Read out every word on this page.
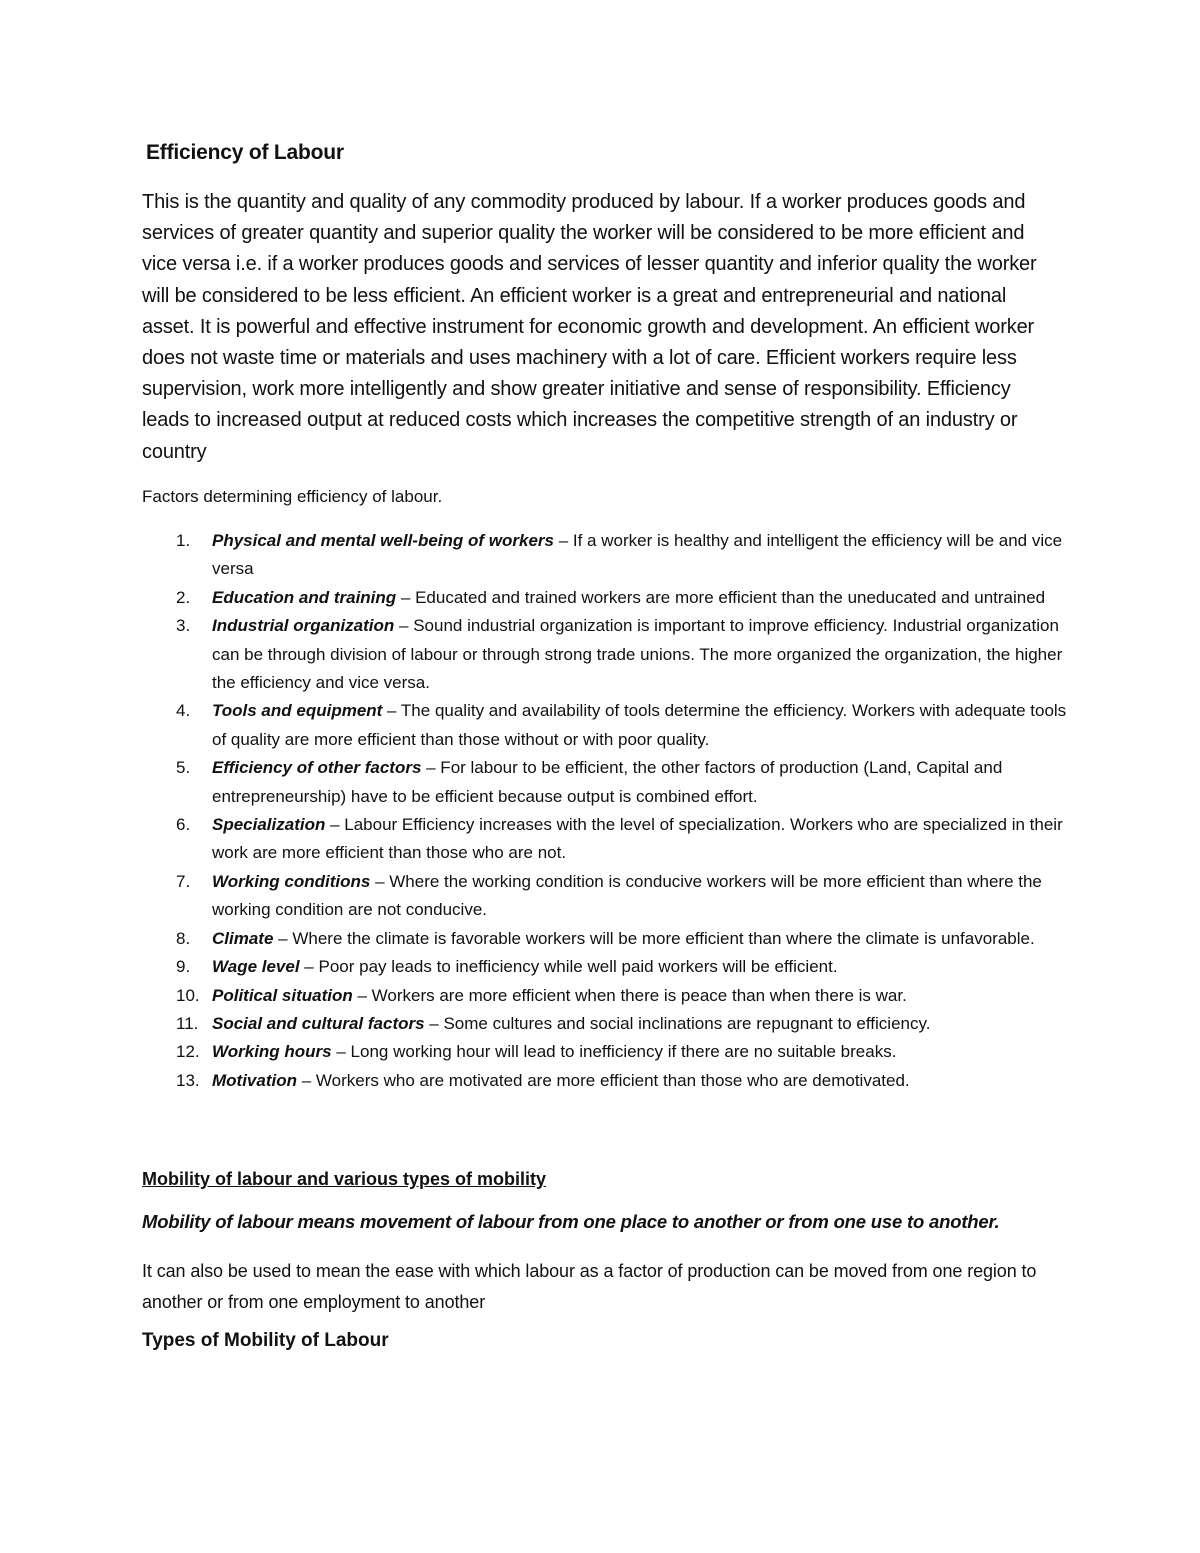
Efficiency of Labour
This is the quantity and quality of any commodity produced by labour. If a worker produces goods and services of greater quantity and superior quality the worker will be considered to be more efficient and vice versa i.e. if a worker produces goods and services of lesser quantity and inferior quality the worker will be considered to be less efficient. An efficient worker is a great and entrepreneurial and national asset. It is powerful and effective instrument for economic growth and development. An efficient worker does not waste time or materials and uses machinery with a lot of care. Efficient workers require less supervision, work more intelligently and show greater initiative and sense of responsibility. Efficiency leads to increased output at reduced costs which increases the competitive strength of an industry or country
Factors determining efficiency of labour.
1. Physical and mental well-being of workers – If a worker is healthy and intelligent the efficiency will be and vice versa
2. Education and training – Educated and trained workers are more efficient than the uneducated and untrained
3. Industrial organization – Sound industrial organization is important to improve efficiency. Industrial organization can be through division of labour or through strong trade unions. The more organized the organization, the higher the efficiency and vice versa.
4. Tools and equipment – The quality and availability of tools determine the efficiency. Workers with adequate tools of quality are more efficient than those without or with poor quality.
5. Efficiency of other factors – For labour to be efficient, the other factors of production (Land, Capital and entrepreneurship) have to be efficient because output is combined effort.
6. Specialization – Labour Efficiency increases with the level of specialization. Workers who are specialized in their work are more efficient than those who are not.
7. Working conditions – Where the working condition is conducive workers will be more efficient than where the working condition are not conducive.
8. Climate – Where the climate is favorable workers will be more efficient than where the climate is unfavorable.
9. Wage level – Poor pay leads to inefficiency while well paid workers will be efficient.
10. Political situation – Workers are more efficient when there is peace than when there is war.
11. Social and cultural factors – Some cultures and social inclinations are repugnant to efficiency.
12. Working hours – Long working hour will lead to inefficiency if there are no suitable breaks.
13. Motivation – Workers who are motivated are more efficient than those who are demotivated.
Mobility of labour and various types of mobility
Mobility of labour means movement of labour from one place to another or from one use to another.
It can also be used to mean the ease with which labour as a factor of production can be moved from one region to another or from one employment to another
Types of Mobility of Labour
